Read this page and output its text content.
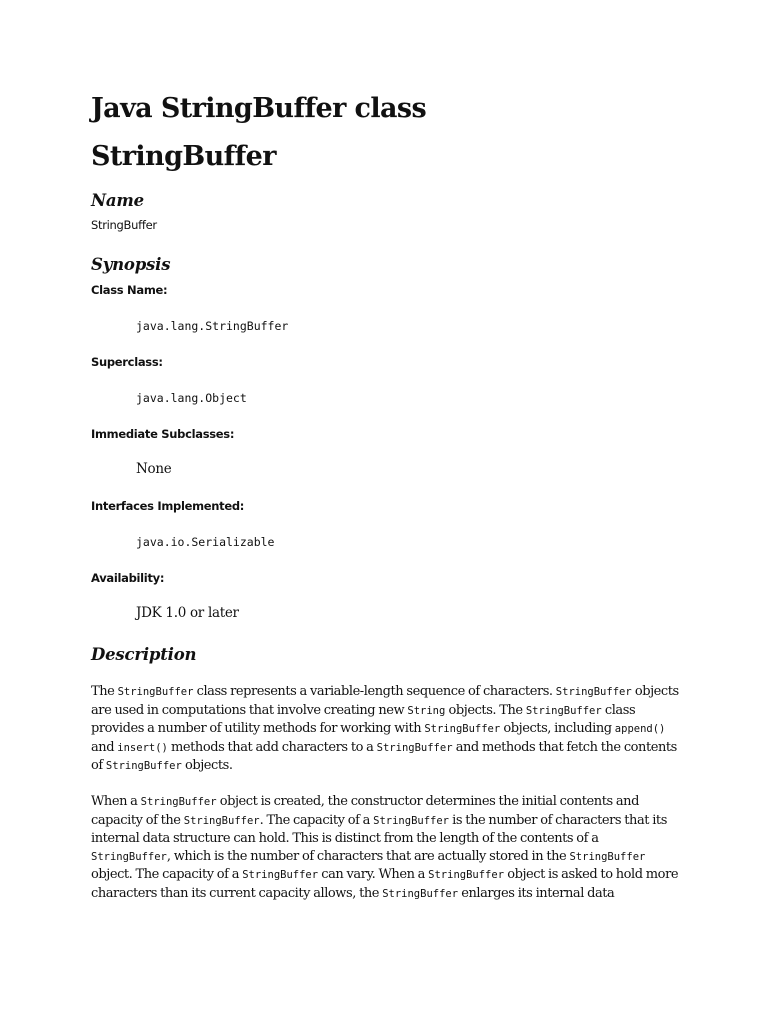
Java StringBuffer class
StringBuffer
Name

StringBuffer

Synopsis

Class Name:

java.lang.StringBuffer

Superclass:

java.lang.Object

Immediate Subclasses:

None

Interfaces Implemented:

java.io.Serializable

Availability:

JDK 1.0 or later

Description

The StringBuffer class represents a variable-length sequence of characters. StringBuffer objects are used in computations that involve creating new String objects. The StringBuffer class provides a number of utility methods for working with StringBuffer objects, including append() and insert() methods that add characters to a StringBuffer and methods that fetch the contents of StringBuffer objects.

When a StringBuffer object is created, the constructor determines the initial contents and capacity of the StringBuffer. The capacity of a StringBuffer is the number of characters that its internal data structure can hold. This is distinct from the length of the contents of a StringBuffer, which is the number of characters that are actually stored in the StringBuffer object. The capacity of a StringBuffer can vary. When a StringBuffer object is asked to hold more characters than its current capacity allows, the StringBuffer enlarges its internal data
